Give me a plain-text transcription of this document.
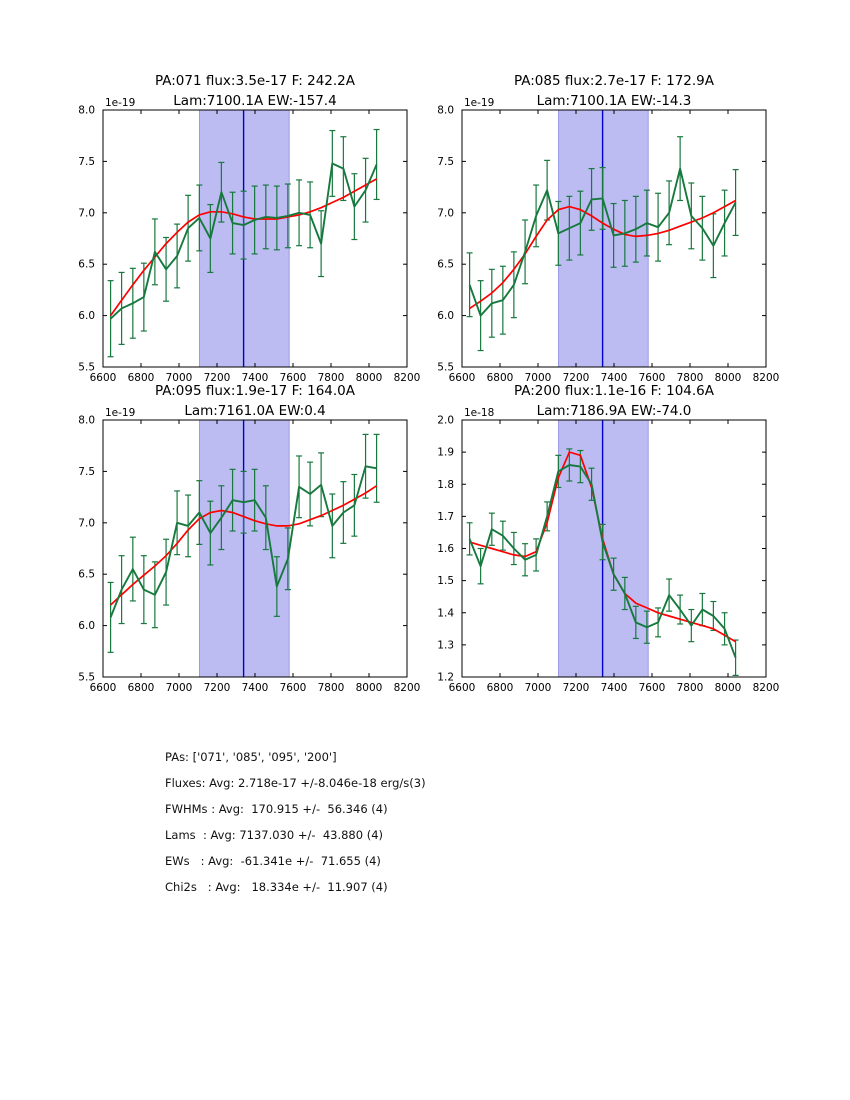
PA:071 flux:3.5e-17 F: 242.2A
Lam:7100.1A EW:-157.4
6600 6800 7000 7200 7400 7600 7800 8000 8200
5.5
6.0
6.5
7.0
7.5
8.0
1e-19
PA:085 flux:2.7e-17 F: 172.9A
Lam:7100.1A EW:-14.3
6600 6800 7000 7200 7400 7600 7800 8000 8200
5.5
6.0
6.5
7.0
7.5
8.0
1e-19
PA:095 flux:1.9e-17 F: 164.0A
Lam:7161.0A EW:0.4
6600 6800 7000 7200 7400 7600 7800 8000 8200
5.5
6.0
6.5
7.0
7.5
8.0
1e-19
PA:200 flux:1.1e-16 F: 104.6A
Lam:7186.9A EW:-74.0
6600 6800 7000 7200 7400 7600 7800 8000 8200
1.2
1.3
1.4
1.5
1.6
1.7
1.8
1.9
2.0
1e-18
PAs: ['071', '085', '095', '200']
Fluxes: Avg: 2.718e-17 +/-8.046e-18 erg/s(3)
FWHMs : Avg:  170.915 +/-  56.346 (4)
Lams  : Avg: 7137.030 +/-  43.880 (4)
EWs   : Avg:  -61.341e +/-  71.655 (4)
Chi2s   : Avg:   18.334e +/-  11.907 (4)
